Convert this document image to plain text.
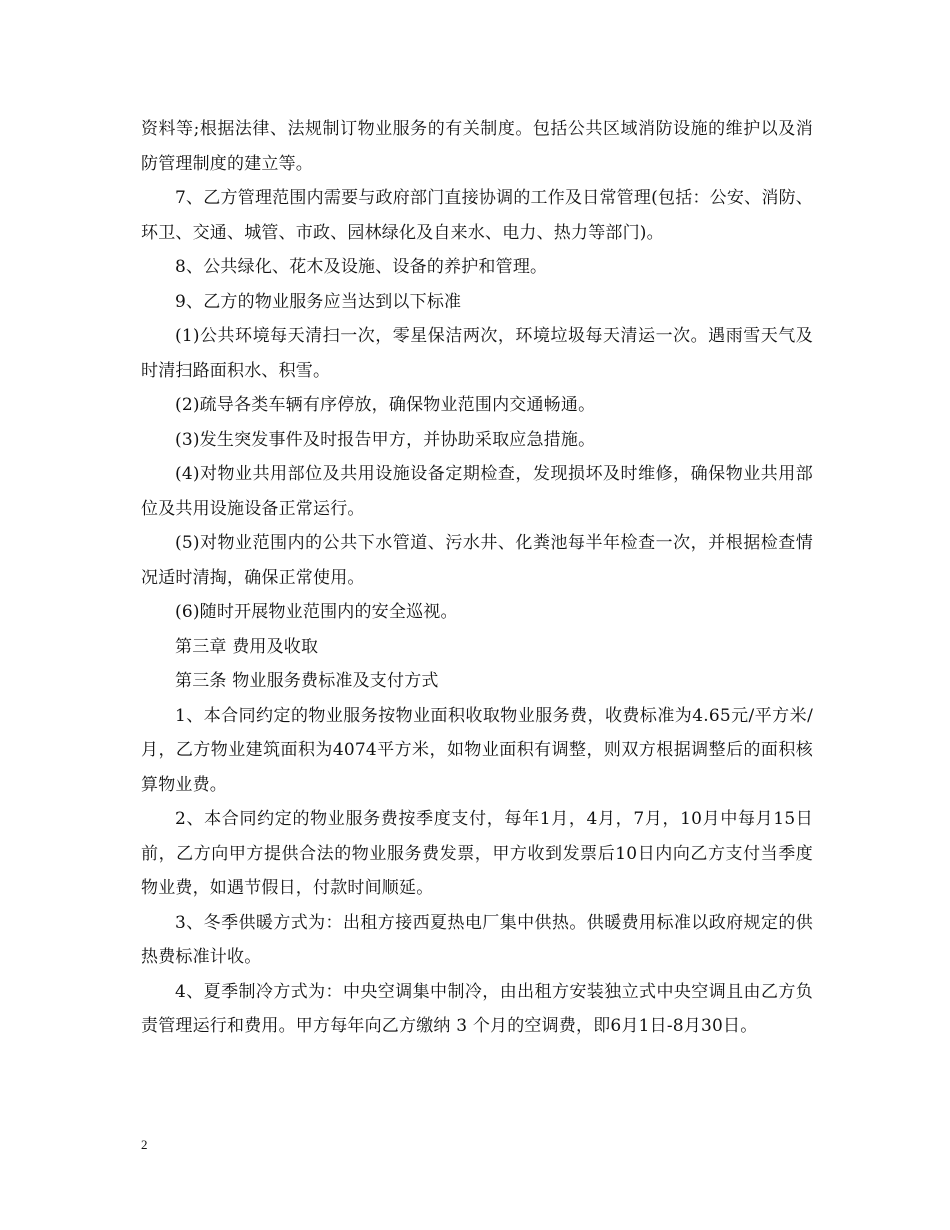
资料等;根据法律、法规制订物业服务的有关制度。包括公共区域消防设施的维护以及消防管理制度的建立等。

7、乙方管理范围内需要与政府部门直接协调的工作及日常管理(包括：公安、消防、环卫、交通、城管、市政、园林绿化及自来水、电力、热力等部门)。

8、公共绿化、花木及设施、设备的养护和管理。

9、乙方的物业服务应当达到以下标准

(1)公共环境每天清扫一次，零星保洁两次，环境垃圾每天清运一次。遇雨雪天气及时清扫路面积水、积雪。

(2)疏导各类车辆有序停放，确保物业范围内交通畅通。

(3)发生突发事件及时报告甲方，并协助采取应急措施。

(4)对物业共用部位及共用设施设备定期检查，发现损坏及时维修，确保物业共用部位及共用设施设备正常运行。

(5)对物业范围内的公共下水管道、污水井、化粪池每半年检查一次，并根据检查情况适时清掏，确保正常使用。

(6)随时开展物业范围内的安全巡视。

第三章 费用及收取

第三条 物业服务费标准及支付方式

1、本合同约定的物业服务按物业面积收取物业服务费，收费标准为4.65元/平方米/月，乙方物业建筑面积为4074平方米，如物业面积有调整，则双方根据调整后的面积核算物业费。

2、本合同约定的物业服务费按季度支付，每年1月，4月，7月，10月中每月15日前，乙方向甲方提供合法的物业服务费发票，甲方收到发票后10日内向乙方支付当季度物业费，如遇节假日，付款时间顺延。

3、冬季供暖方式为：出租方接西夏热电厂集中供热。供暖费用标准以政府规定的供热费标准计收。

4、夏季制冷方式为：中央空调集中制冷，由出租方安装独立式中央空调且由乙方负责管理运行和费用。甲方每年向乙方缴纳 3 个月的空调费，即6月1日-8月30日。

2
